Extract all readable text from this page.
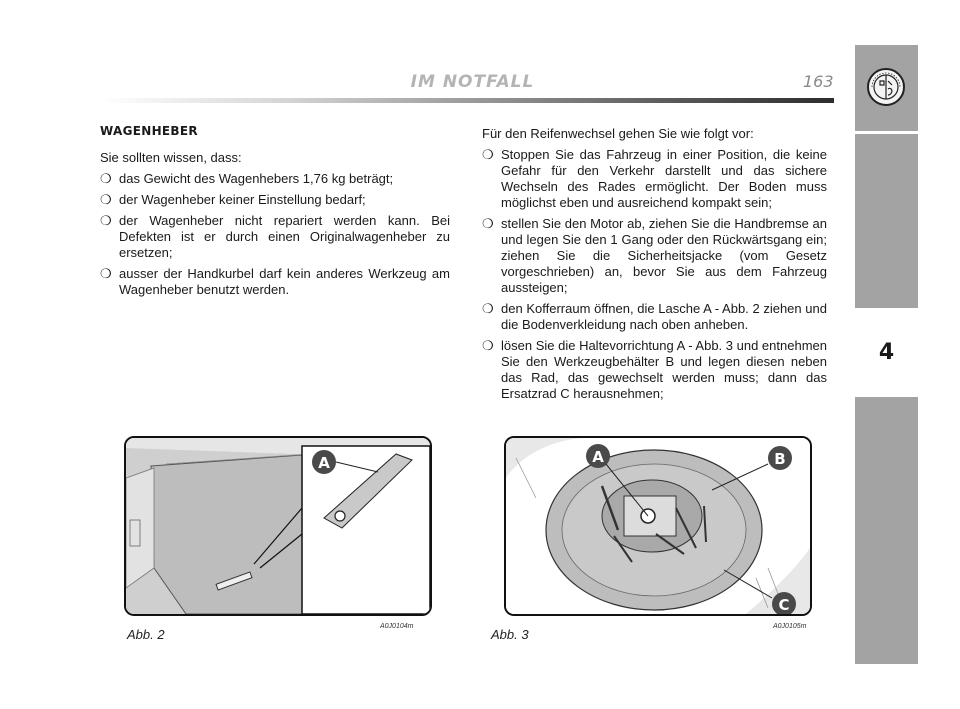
IM NOTFALL	163
4
WAGENHEBER

Sie sollten wissen, dass:

❍ das Gewicht des Wagenhebers 1,76 kg beträgt;
❍ der Wagenheber keiner Einstellung bedarf;
❍ der Wagenheber nicht repariert werden kann. Bei Defekten ist er durch einen Originalwagenheber zu ersetzen;
❍ ausser der Handkurbel darf kein anderes Werkzeug am Wagenheber benutzt werden.

Für den Reifenwechsel gehen Sie wie folgt vor:

❍ Stoppen Sie das Fahrzeug in einer Position, die keine Gefahr für den Verkehr darstellt und das sichere Wechseln des Rades ermöglicht. Der Boden muss möglichst eben und ausreichend kompakt sein;
❍ stellen Sie den Motor ab, ziehen Sie die Handbremse an und legen Sie den 1 Gang oder den Rückwärtsgang ein; ziehen Sie die Sicherheitsjacke (vom Gesetz vorgeschrieben) an, bevor Sie aus dem Fahrzeug aussteigen;
❍ den Kofferraum öffnen, die Lasche A - Abb. 2 ziehen und die Bodenverkleidung nach oben anheben.
❍ lösen Sie die Haltevorrichtung A - Abb. 3 und entnehmen Sie den Werkzeugbehälter B und legen diesen neben das Rad, das gewechselt werden muss; dann das Ersatzrad C herausnehmen;
A
Abb. 2
A0J0104m
A	B
C
Abb. 3
A0J0105m
